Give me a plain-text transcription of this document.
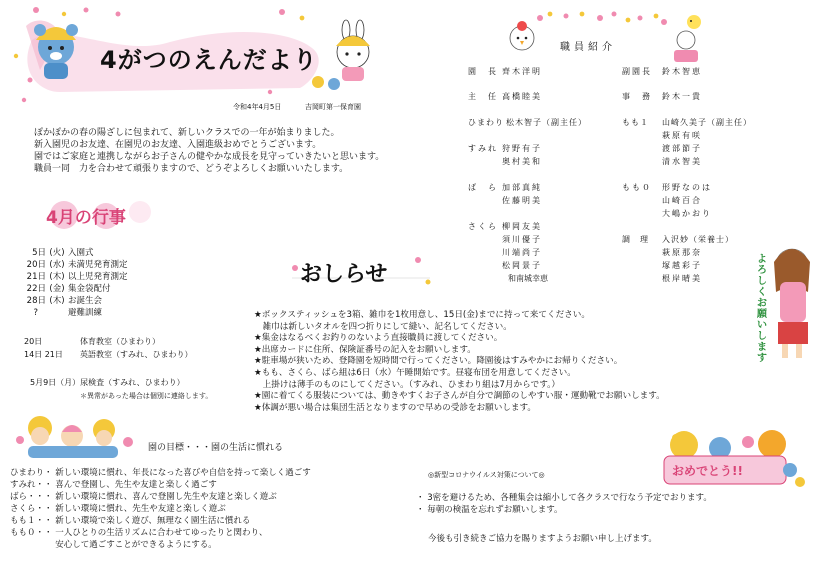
4がつのえんだより
令和4年4月5日	吉岡町第一保育園

ぽかぽかの春の陽ざしに包まれて、新しいクラスでの一年が始まりました。

新入園児のお友達、在園児のお友達、入園進級おめでとうございます。

園ではご家庭と連携しながらお子さんの健やかな成長を見守っていきたいと思います。

職員一同　力を合わせて頑張りますので、どうぞよろしくお願いいたします。

4月の行事
5日 (火) 入園式
20日 (水) 未満児発育測定
21日 (木) 以上児発育測定
22日 (金) 集金袋配付
28日 (木) お誕生会
?	避難訓練
20日	体育教室（ひまわり）
14日 21日 英語教室（すみれ、ひまわり）
5月9日（月）尿検査（すみれ、ひまわり）
＊異常があった場合は個別に連絡します。
おしらせ
★ボックスティッシュを3箱、雑巾を1枚用意し、15日(金)までに持って来てください。
　雑巾は新しいタオルを四つ折りにして縫い、記名してください。
★集金はなるべくお釣りのないよう直接職員に渡してください。
★出席カードに住所、保険証番号の記入をお願いします。
★駐車場が狭いため、登降園を短時間で行ってください。降園後はすみやかにお帰りください。
★もも、さくら、ばら組は6日（水）午睡開始です。昼寝布団を用意してください。
　上掛けは薄手のものにしてください。（すみれ、ひまわり組は7月からです。）
★園に着てくる服装については、動きやすくお子さんが自分で調節のしやすい服・運動靴でお願いします。
★体調が悪い場合は集団生活となりますので早めの受診をお願いします。
職員紹介
園　長 齊木洋明
主　任 高橋睦美
ひまわり 松木智子（副主任）
すみれ 狩野有子
奥村美和
ば　ら 加部真純
佐藤明美
さくら 柳岡友美
須川優子
川端尚子
松岡景子
和南城幸恵
副園長 鈴木智恵
事　務 鈴木一貴
もも１ 山崎久美子（副主任）
萩原有咲
渡部節子
清水智美
もも０ 形野なのは
山崎百合
大嶋かおり
調　理 入沢妙（栄養士）
萩原那奈
塚越彩子
根岸晴美
よろしくお願いします
おめでとう!!
園の目標・・・園の生活に慣れる
ひまわり・ 新しい環境に慣れ、年長になった喜びや自信を持って楽しく過ごす
すみれ・・ 喜んで登園し、先生や友達と楽しく過ごす
ばら・・・ 新しい環境に慣れ、喜んで登園し先生や友達と楽しく遊ぶ
さくら・・ 新しい環境に慣れ、先生や友達と楽しく遊ぶ
もも１・・ 新しい環境で楽しく遊び、無理なく園生活に慣れる
もも０・・ 一人ひとりの生活リズムに合わせてゆったりと関わり、
　　　　　 安心して過ごすことができるようにする。
◎新型コロナウイルス対策について◎
・ 3密を避けるため、各種集会は縮小して各クラスで行なう予定でおります。
・ 毎朝の検温を忘れずお願いします。
今後も引き続きご協力を賜りますようお願い申し上げます。
